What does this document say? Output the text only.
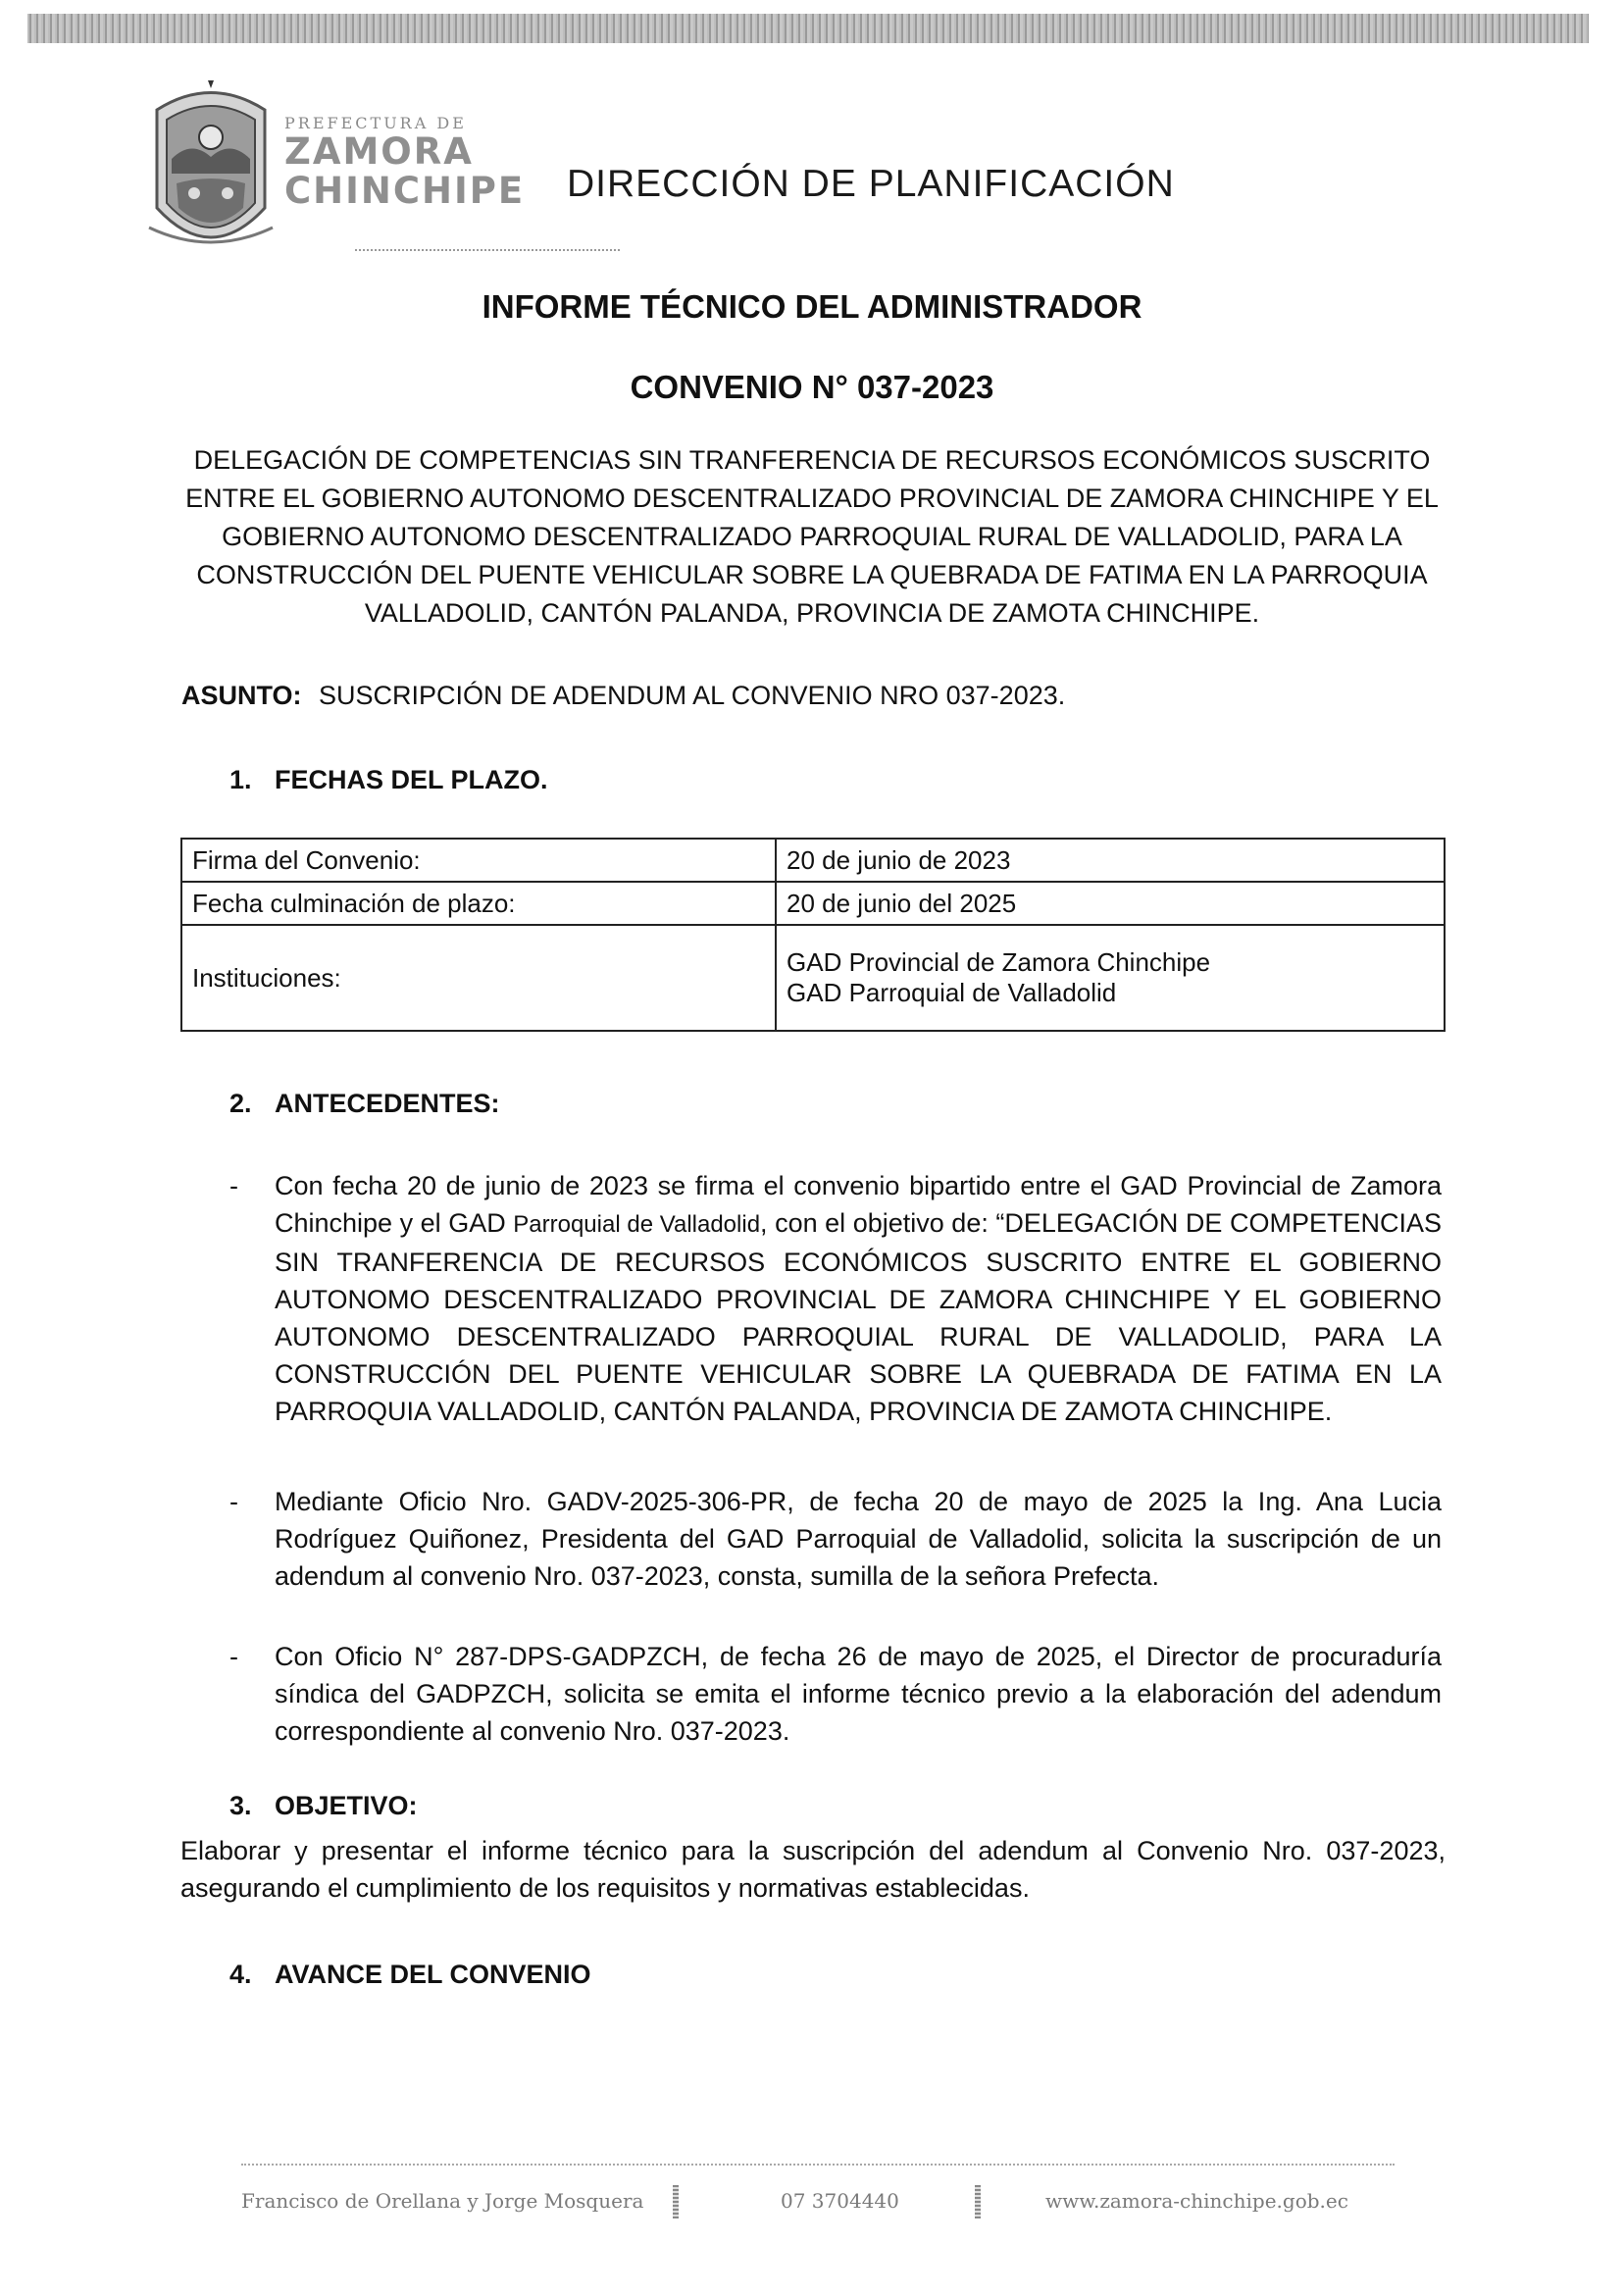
PREFECTURA DE
ZAMORA
CHINCHIPE DIRECCIÓN DE PLANIFICACIÓN
INFORME TÉCNICO DEL ADMINISTRADOR
CONVENIO N° 037-2023
DELEGACIÓN DE COMPETENCIAS SIN TRANFERENCIA DE RECURSOS ECONÓMICOS SUSCRITO ENTRE EL GOBIERNO AUTONOMO DESCENTRALIZADO PROVINCIAL DE ZAMORA CHINCHIPE Y EL GOBIERNO AUTONOMO DESCENTRALIZADO PARROQUIAL RURAL DE VALLADOLID, PARA LA CONSTRUCCIÓN DEL PUENTE VEHICULAR SOBRE LA QUEBRADA DE FATIMA EN LA PARROQUIA VALLADOLID, CANTÓN PALANDA, PROVINCIA DE ZAMOTA CHINCHIPE.
ASUNTO: SUSCRIPCIÓN DE ADENDUM AL CONVENIO NRO 037-2023.
1. FECHAS DEL PLAZO.
Firma del Convenio:	20 de junio de 2023
Fecha culminación de plazo:	20 de junio del 2025
Instituciones:	GAD Provincial de Zamora Chinchipe
GAD Parroquial de Valladolid
2. ANTECEDENTES:
- Con fecha 20 de junio de 2023 se firma el convenio bipartido entre el GAD Provincial de Zamora Chinchipe y el GAD Parroquial de Valladolid, con el objetivo de: “DELEGACIÓN DE COMPETENCIAS SIN TRANFERENCIA DE RECURSOS ECONÓMICOS SUSCRITO ENTRE EL GOBIERNO AUTONOMO DESCENTRALIZADO PROVINCIAL DE ZAMORA CHINCHIPE Y EL GOBIERNO AUTONOMO DESCENTRALIZADO PARROQUIAL RURAL DE VALLADOLID, PARA LA CONSTRUCCIÓN DEL PUENTE VEHICULAR SOBRE LA QUEBRADA DE FATIMA EN LA PARROQUIA VALLADOLID, CANTÓN PALANDA, PROVINCIA DE ZAMOTA CHINCHIPE.
- Mediante Oficio Nro. GADV-2025-306-PR, de fecha 20 de mayo de 2025 la Ing. Ana Lucia Rodríguez Quiñonez, Presidenta del GAD Parroquial de Valladolid, solicita la suscripción de un adendum al convenio Nro. 037-2023, consta, sumilla de la señora Prefecta.
- Con Oficio N° 287-DPS-GADPZCH, de fecha 26 de mayo de 2025, el Director de procuraduría síndica del GADPZCH, solicita se emita el informe técnico previo a la elaboración del adendum correspondiente al convenio Nro. 037-2023.
3. OBJETIVO:
Elaborar y presentar el informe técnico para la suscripción del adendum al Convenio Nro. 037-2023, asegurando el cumplimiento de los requisitos y normativas establecidas.
4. AVANCE DEL CONVENIO
Francisco de Orellana y Jorge Mosquera	07 3704440	www.zamora-chinchipe.gob.ec
